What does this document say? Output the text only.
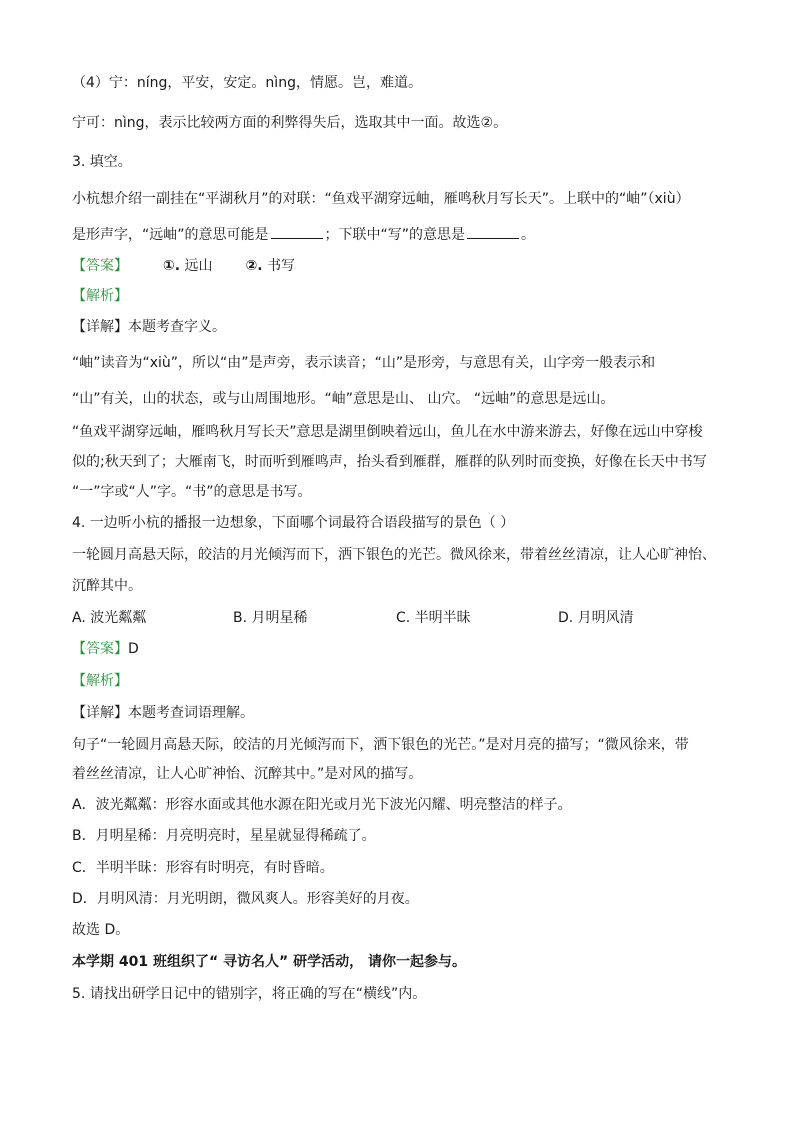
（4）宁：níng，平安，安定。nìng，情愿。岂，难道。
宁可：nìng，表示比较两方面的利弊得失后，选取其中一面。故选②。
3. 填空。
小杭想介绍一副挂在“平湖秋月”的对联：“鱼戏平湖穿远岫，雁鸣秋月写长天”。上联中的“岫”（xiù）
是形声字，“远岫”的意思可能是	；下联中“写”的意思是	。
【答案】 ①. 远山 ②. 书写
【解析】
【详解】本题考查字义。
“岫”读音为“xiù”，所以“由”是声旁，表示读音；“山”是形旁，与意思有关，山字旁一般表示和
“山”有关，山的状态，或与山周围地形。“岫”意思是山、 山穴。 “远岫”的意思是远山。
“鱼戏平湖穿远岫，雁鸣秋月写长天”意思是湖里倒映着远山，鱼儿在水中游来游去，好像在远山中穿梭
似的;秋天到了；大雁南飞，时而听到雁鸣声，抬头看到雁群，雁群的队列时而变换，好像在长天中书写
“一”字或“人”字。“书”的意思是书写。
4. 一边听小杭的播报一边想象，下面哪个词最符合语段描写的景色（ ）
一轮圆月高悬天际，皎洁的月光倾泻而下，洒下银色的光芒。微风徐来，带着丝丝清凉，让人心旷神怡、
沉醉其中。
A. 波光粼粼	B. 月明星稀	C. 半明半昧	D. 月明风清
【答案】D
【解析】
【详解】本题考查词语理解。
句子“一轮圆月高悬天际，皎洁的月光倾泻而下，洒下银色的光芒。”是对月亮的描写；“微风徐来，带
着丝丝清凉，让人心旷神怡、沉醉其中。”是对风的描写。
A．波光粼粼：形容水面或其他水源在阳光或月光下波光闪耀、明亮整洁的样子。
B．月明星稀：月亮明亮时，星星就显得稀疏了。
C．半明半昧：形容有时明亮，有时昏暗。
D．月明风清：月光明朗，微风爽人。形容美好的月夜。
故选 D。
本学期 401 班组织了“ 寻访名人” 研学活动， 请你一起参与。
5. 请找出研学日记中的错别字，将正确的写在“横线”内。
